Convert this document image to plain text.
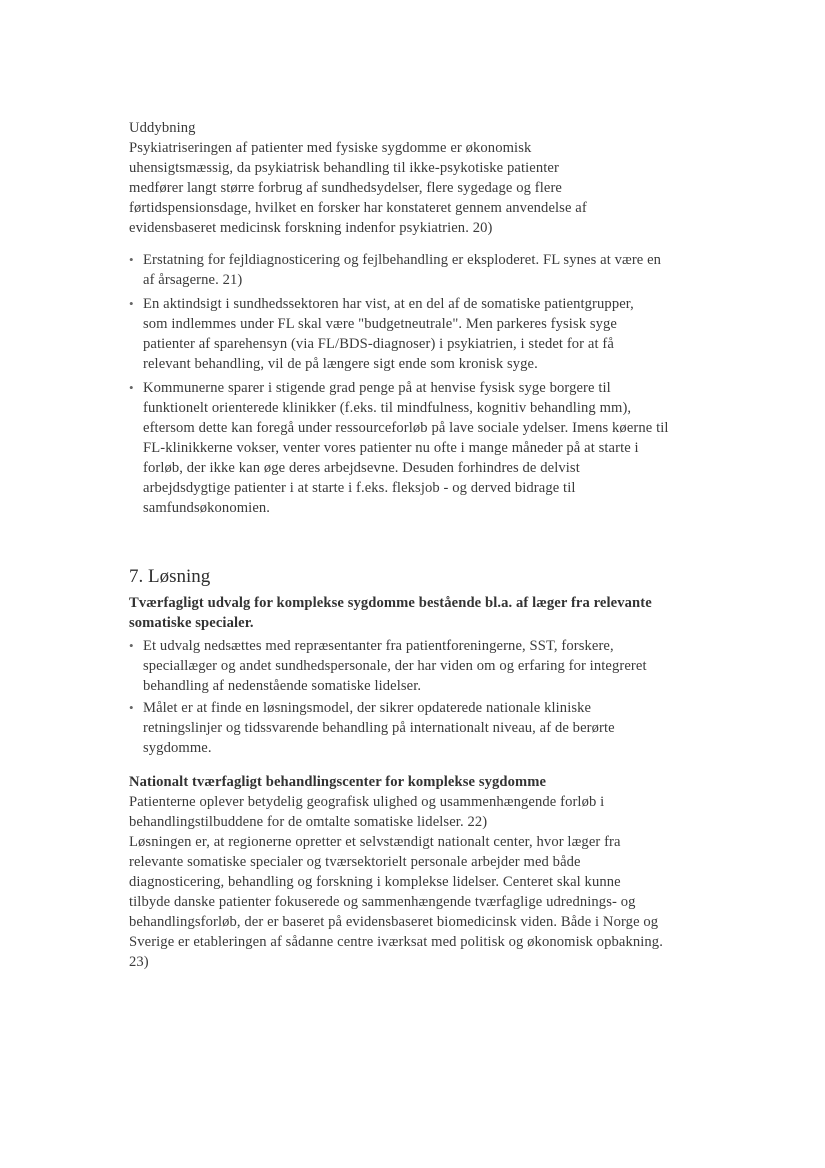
Uddybning
Psykiatriseringen af patienter med fysiske sygdomme er økonomisk
uhensigtsmæssig, da psykiatrisk behandling til ikke-psykotiske patienter
medfører langt større forbrug af sundhedsydelser, flere sygedage og flere
førtidspensionsdage, hvilket en forsker har konstateret gennem anvendelse af
evidensbaseret medicinsk forskning indenfor psykiatrien. 20)
• Erstatning for fejldiagnosticering og fejlbehandling er eksploderet. FL synes at være en
af årsagerne. 21)
• En aktindsigt i sundhedssektoren har vist, at en del af de somatiske patientgrupper,
som indlemmes under FL skal være "budgetneutrale". Men parkeres fysisk syge
patienter af sparehensyn (via FL/BDS-diagnoser) i psykiatrien, i stedet for at få
relevant behandling, vil de på længere sigt ende som kronisk syge.
• Kommunerne sparer i stigende grad penge på at henvise fysisk syge borgere til
funktionelt orienterede klinikker (f.eks. til mindfulness, kognitiv behandling mm),
eftersom dette kan foregå under ressourceforløb på lave sociale ydelser. Imens køerne til
FL-klinikkerne vokser, venter vores patienter nu ofte i mange måneder på at starte i
forløb, der ikke kan øge deres arbejdsevne. Desuden forhindres de delvist
arbejdsdygtige patienter i at starte i f.eks. fleksjob - og derved bidrage til
samfundsøkonomien.
7. Løsning
Tværfagligt udvalg for komplekse sygdomme bestående bl.a. af læger fra relevante
somatiske specialer.
• Et udvalg nedsættes med repræsentanter fra patientforeningerne, SST, forskere,
speciallæger og andet sundhedspersonale, der har viden om og erfaring for integreret
behandling af nedenstående somatiske lidelser.
• Målet er at finde en løsningsmodel, der sikrer opdaterede nationale kliniske
retningslinjer og tidssvarende behandling på internationalt niveau, af de berørte
sygdomme.
Nationalt tværfagligt behandlingscenter for komplekse sygdomme
Patienterne oplever betydelig geografisk ulighed og usammenhængende forløb i
behandlingstilbuddene for de omtalte somatiske lidelser. 22)
Løsningen er, at regionerne opretter et selvstændigt nationalt center, hvor læger fra
relevante somatiske specialer og tværsektorielt personale arbejder med både
diagnosticering, behandling og forskning i komplekse lidelser. Centeret skal kunne
tilbyde danske patienter fokuserede og sammenhængende tværfaglige udrednings- og
behandlingsforløb, der er baseret på evidensbaseret biomedicinsk viden. Både i Norge og
Sverige er etableringen af sådanne centre iværksat med politisk og økonomisk opbakning.
23)
